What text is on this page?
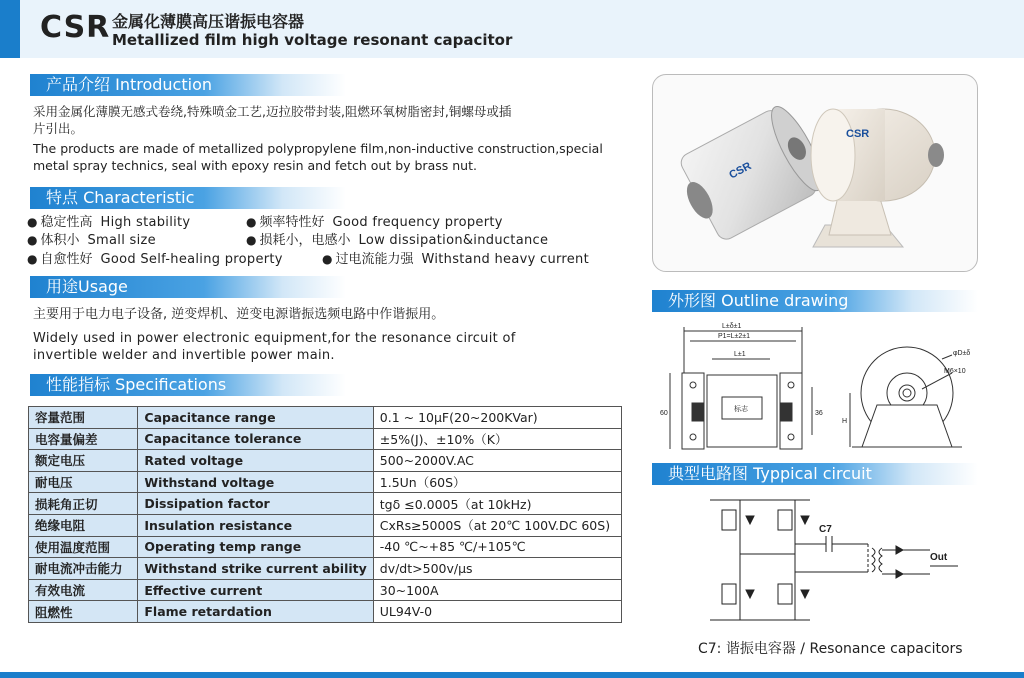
CSR 金属化薄膜高压谐振电容器
Metallized film high voltage resonant capacitor
产品介绍 Introduction
采用金属化薄膜无感式卷绕,特殊喷金工艺,迈拉胶带封装,阻燃环氧树脂密封,铜螺母或插
片引出。
The products are made of metallized polypropylene film,non-inductive construction,special
metal spray technics, seal with epoxy resin and fetch out by brass nut.
特点 Characteristic
● 稳定性高 High stability	● 频率特性好 Good frequency property
● 体积小 Small size	● 损耗小，电感小 Low dissipation&inductance
● 自愈性好 Good Self-healing property	● 过电流能力强 Withstand heavy current
用途Usage
主要用于电力电子设备, 逆变焊机、逆变电源谐振选频电路中作谐振用。
Widely used in power electronic equipment,for the resonance circuit of
invertible welder and invertible power main.
性能指标 Specifications
容量范围	Capacitance range	0.1 ~ 10μF(20~200KVar)
电容量偏差	Capacitance tolerance	±5%(J)、±10%（K）
额定电压	Rated voltage	500~2000V.AC
耐电压	Withstand voltage	1.5Un（60S）
损耗角正切	Dissipation factor	tgδ ≤0.0005（at 10kHz)
绝缘电阻	Insulation resistance	CxRs≥5000S（at 20℃ 100V.DC 60S)
使用温度范围	Operating temp range	-40 ℃~+85 ℃/+105℃
耐电流冲击能力	Withstand strike current ability	dv/dt>500v/μs
有效电流	Effective current	30~100A
阻燃性	Flame retardation	UL94V-0
CSR
CSR
外形图 Outline drawing
L±δ±1
P1=L±2±1
L±1
60	36
标志
φD±δ
M6×10
H
典型电路图 Typpical circuit
C7
Out
C7: 谐振电容器 / Resonance capacitors
